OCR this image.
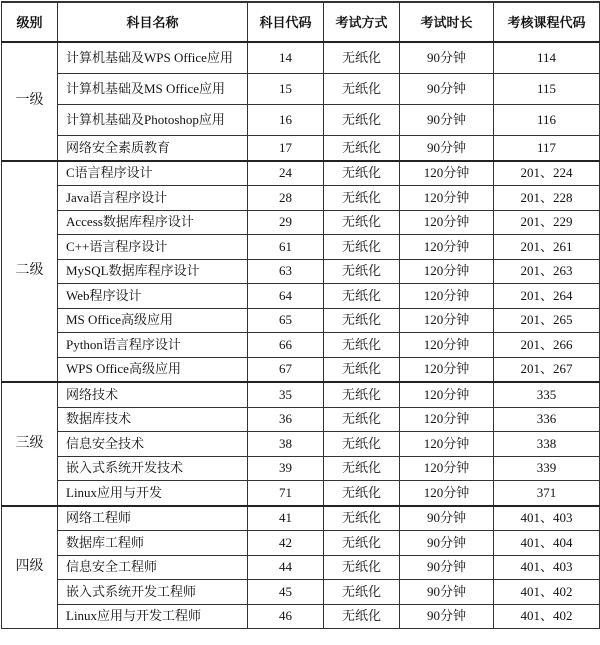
级别	科目名称	科目代码	考试方式	考试时长	考核课程代码
一级	计算机基础及WPS Office应用	14	无纸化	90分钟	114
	计算机基础及MS Office应用	15	无纸化	90分钟	115
	计算机基础及Photoshop应用	16	无纸化	90分钟	116
	网络安全素质教育	17	无纸化	90分钟	117
二级	C语言程序设计	24	无纸化	120分钟	201、224
	Java语言程序设计	28	无纸化	120分钟	201、228
	Access数据库程序设计	29	无纸化	120分钟	201、229
	C++语言程序设计	61	无纸化	120分钟	201、261
	MySQL数据库程序设计	63	无纸化	120分钟	201、263
	Web程序设计	64	无纸化	120分钟	201、264
	MS Office高级应用	65	无纸化	120分钟	201、265
	Python语言程序设计	66	无纸化	120分钟	201、266
	WPS Office高级应用	67	无纸化	120分钟	201、267
三级	网络技术	35	无纸化	120分钟	335
	数据库技术	36	无纸化	120分钟	336
	信息安全技术	38	无纸化	120分钟	338
	嵌入式系统开发技术	39	无纸化	120分钟	339
	Linux应用与开发	71	无纸化	120分钟	371
四级	网络工程师	41	无纸化	90分钟	401、403
	数据库工程师	42	无纸化	90分钟	401、404
	信息安全工程师	44	无纸化	90分钟	401、403
	嵌入式系统开发工程师	45	无纸化	90分钟	401、402
	Linux应用与开发工程师	46	无纸化	90分钟	401、402
